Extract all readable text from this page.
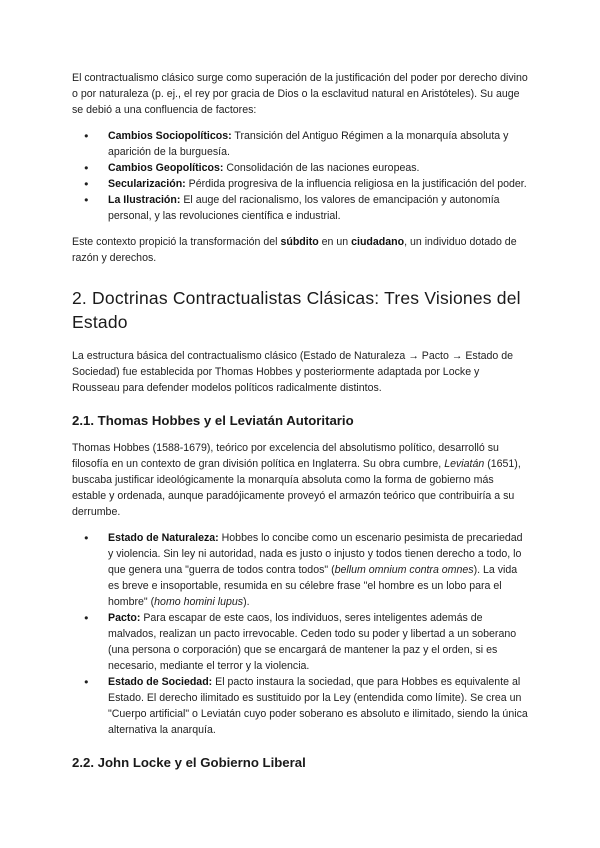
El contractualismo clásico surge como superación de la justificación del poder por derecho divino o por naturaleza (p. ej., el rey por gracia de Dios o la esclavitud natural en Aristóteles). Su auge se debió a una confluencia de factores:

● Cambios Sociopolíticos: Transición del Antiguo Régimen a la monarquía absoluta y aparición de la burguesía.
● Cambios Geopolíticos: Consolidación de las naciones europeas.
● Secularización: Pérdida progresiva de la influencia religiosa en la justificación del poder.
● La Ilustración: El auge del racionalismo, los valores de emancipación y autonomía personal, y las revoluciones científica e industrial.

Este contexto propició la transformación del súbdito en un ciudadano, un individuo dotado de razón y derechos.

2. Doctrinas Contractualistas Clásicas: Tres Visiones del Estado

La estructura básica del contractualismo clásico (Estado de Naturaleza → Pacto → Estado de Sociedad) fue establecida por Thomas Hobbes y posteriormente adaptada por Locke y Rousseau para defender modelos políticos radicalmente distintos.

2.1. Thomas Hobbes y el Leviatán Autoritario

Thomas Hobbes (1588-1679), teórico por excelencia del absolutismo político, desarrolló su filosofía en un contexto de gran división política en Inglaterra. Su obra cumbre, Leviatán (1651), buscaba justificar ideológicamente la monarquía absoluta como la forma de gobierno más estable y ordenada, aunque paradójicamente proveyó el armazón teórico que contribuiría a su derrumbe.

● Estado de Naturaleza: Hobbes lo concibe como un escenario pesimista de precariedad y violencia. Sin ley ni autoridad, nada es justo o injusto y todos tienen derecho a todo, lo que genera una "guerra de todos contra todos" (bellum omnium contra omnes). La vida es breve e insoportable, resumida en su célebre frase "el hombre es un lobo para el hombre" (homo homini lupus).
● Pacto: Para escapar de este caos, los individuos, seres inteligentes además de malvados, realizan un pacto irrevocable. Ceden todo su poder y libertad a un soberano (una persona o corporación) que se encargará de mantener la paz y el orden, si es necesario, mediante el terror y la violencia.
● Estado de Sociedad: El pacto instaura la sociedad, que para Hobbes es equivalente al Estado. El derecho ilimitado es sustituido por la Ley (entendida como límite). Se crea un "Cuerpo artificial" o Leviatán cuyo poder soberano es absoluto e ilimitado, siendo la única alternativa la anarquía.
2.2. John Locke y el Gobierno Liberal
